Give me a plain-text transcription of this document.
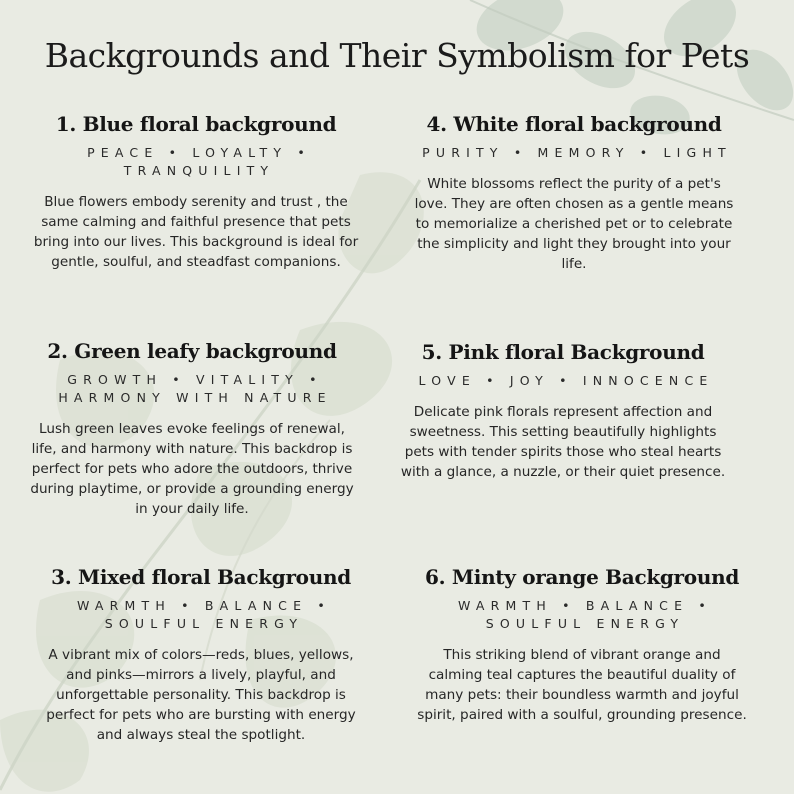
Backgrounds and Their Symbolism for Pets
1. Blue floral background
PEACE • LOYALTY • TRANQUILITY
Blue flowers embody serenity and trust , the same calming and faithful presence that pets bring into our lives. This background is ideal for gentle, soulful, and steadfast companions.
4. White floral background
PURITY • MEMORY • LIGHT
White blossoms reflect the purity of a pet's love. They are often chosen as a gentle means to memorialize a cherished pet or to celebrate the simplicity and light they brought into your life.
2. Green leafy background
GROWTH • VITALITY • HARMONY WITH NATURE
Lush green leaves evoke feelings of renewal, life, and harmony with nature. This backdrop is perfect for pets who adore the outdoors, thrive during playtime, or provide a grounding energy in your daily life.
5. Pink floral Background
LOVE • JOY • INNOCENCE
Delicate pink florals represent affection and sweetness. This setting beautifully highlights pets with tender spirits those who steal hearts with a glance, a nuzzle, or their quiet presence.
3. Mixed floral Background
WARMTH • BALANCE • SOULFUL ENERGY
A vibrant mix of colors—reds, blues, yellows, and pinks—mirrors a lively, playful, and unforgettable personality. This backdrop is perfect for pets who are bursting with energy and always steal the spotlight.
6. Minty orange Background
WARMTH • BALANCE • SOULFUL ENERGY
This striking blend of vibrant orange and calming teal captures the beautiful duality of many pets: their boundless warmth and joyful spirit, paired with a soulful, grounding presence.
